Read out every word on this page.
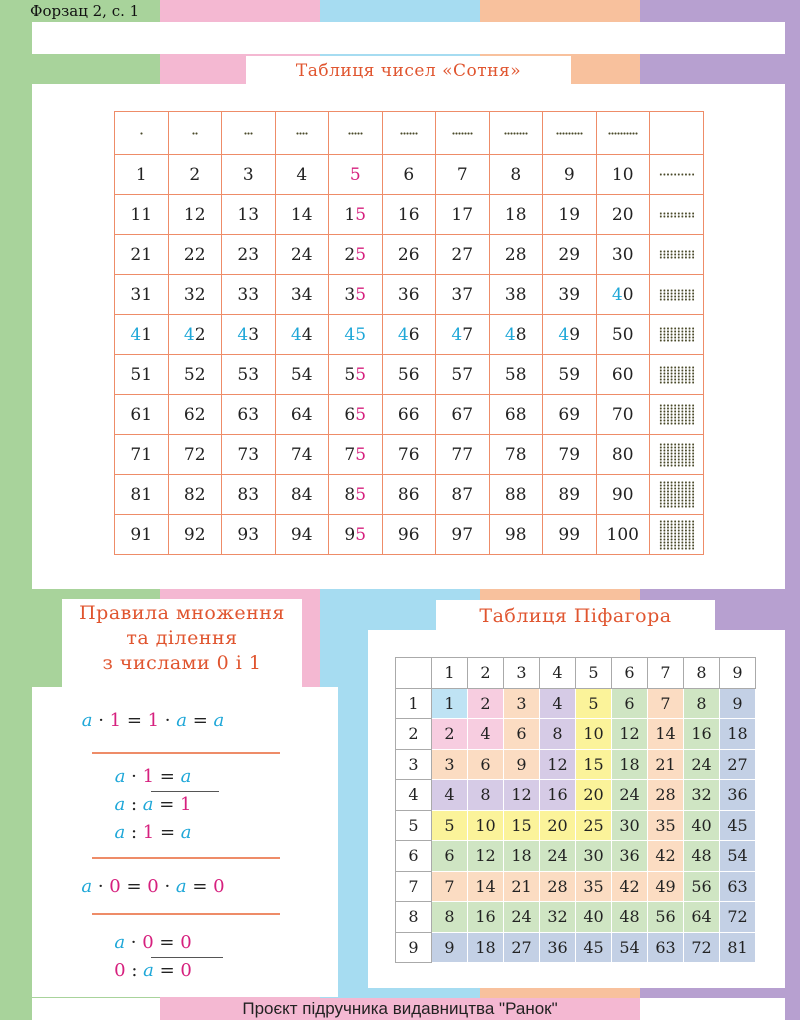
Форзац 2, с. 1
Таблиця чисел «Сотня»

1	2	3	4	5	6	7	8	9	10	

11	12	13	14	15	16	17	18	19	20	

21	22	23	24	25	26	27	28	29	30	

31	32	33	34	35	36	37	38	39	40	

41	42	43	44	45	46	47	48	49	50	

51	52	53	54	55	56	57	58	59	60	

61	62	63	64	65	66	67	68	69	70	

71	72	73	74	75	76	77	78	79	80	

81	82	83	84	85	86	87	88	89	90	

91	92	93	94	95	96	97	98	99	100	
Правила множення
та ділення
з числами 0 і 1
a · 1 = 1 · a = a
a · 1 = a
a : a = 1
a : 1 = a
a · 0 = 0 · a = 0
a · 0 = 0
0 : a = 0
Таблиця Піфагора
	1	2	3	4	5	6	7	8	9
1	1	2	3	4	5	6	7	8	9
2	2	4	6	8	10	12	14	16	18
3	3	6	9	12	15	18	21	24	27
4	4	8	12	16	20	24	28	32	36
5	5	10	15	20	25	30	35	40	45
6	6	12	18	24	30	36	42	48	54
7	7	14	21	28	35	42	49	56	63
8	8	16	24	32	40	48	56	64	72
9	9	18	27	36	45	54	63	72	81
Проєкт підручника видавництва "Ранок"
